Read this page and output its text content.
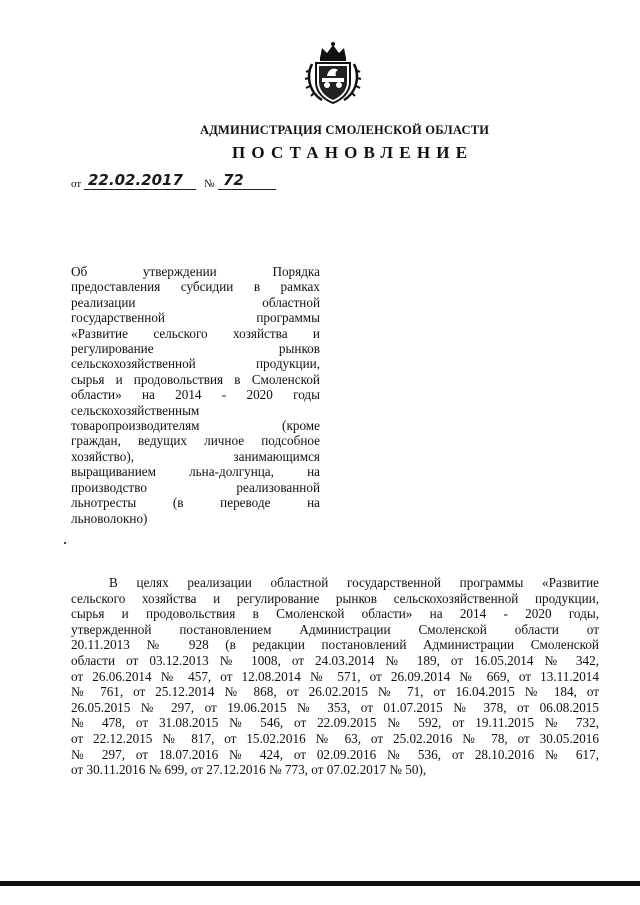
АДМИНИСТРАЦИЯ СМОЛЕНСКОЙ ОБЛАСТИ
ПОСТАНОВЛЕНИЕ
от 22.02.2017 № 72
Об утверждении Порядка
предоставления субсидии в рамках
реализации областной
государственной программы
«Развитие сельского хозяйства и
регулирование рынков
сельскохозяйственной продукции,
сырья и продовольствия в Смоленской
области» на 2014 - 2020 годы
сельскохозяйственным
товаропроизводителям (кроме
граждан, ведущих личное подсобное
хозяйство), занимающимся
выращиванием льна-долгунца, на
производство реализованной
льнотресты (в переводе на
льноволокно)
В целях реализации областной государственной программы «Развитие
сельского хозяйства и регулирование рынков сельскохозяйственной продукции,
сырья и продовольствия в Смоленской области» на 2014 - 2020 годы,
утвержденной постановлением Администрации Смоленской области от
20.11.2013 № 928 (в редакции постановлений Администрации Смоленской
области от 03.12.2013 № 1008, от 24.03.2014 № 189, от 16.05.2014 № 342,
от 26.06.2014 № 457, от 12.08.2014 № 571, от 26.09.2014 № 669, от 13.11.2014
№ 761, от 25.12.2014 № 868, от 26.02.2015 № 71, от 16.04.2015 № 184, от
26.05.2015 № 297, от 19.06.2015 № 353, от 01.07.2015 № 378, от 06.08.2015
№ 478, от 31.08.2015 № 546, от 22.09.2015 № 592, от 19.11.2015 № 732,
от 22.12.2015 № 817, от 15.02.2016 № 63, от 25.02.2016 № 78, от 30.05.2016
№ 297, от 18.07.2016 № 424, от 02.09.2016 № 536, от 28.10.2016 № 617,
от 30.11.2016 № 699, от 27.12.2016 № 773, от 07.02.2017 № 50),
